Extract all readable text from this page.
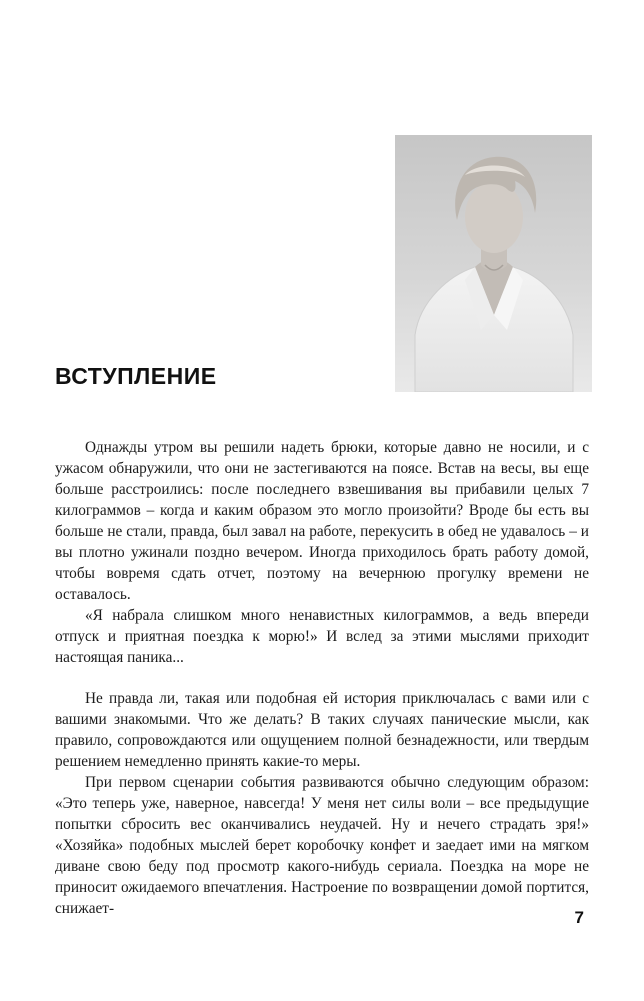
ВСТУПЛЕНИЕ

Однажды утром вы решили надеть брюки, которые давно не носили, и с ужасом обнаружили, что они не застегиваются на поясе. Встав на весы, вы еще больше расстроились: после последнего взвешивания вы прибавили целых 7 килограммов – когда и каким образом это могло произойти? Вроде бы есть вы больше не стали, правда, был завал на работе, перекусить в обед не удавалось – и вы плотно ужинали поздно вечером. Иногда приходилось брать работу домой, чтобы вовремя сдать отчет, поэтому на вечернюю прогулку времени не оставалось.

«Я набрала слишком много ненавистных килограммов, а ведь впереди отпуск и приятная поездка к морю!» И вслед за этими мыслями приходит настоящая паника...

Не правда ли, такая или подобная ей история приключалась с вами или с вашими знакомыми. Что же делать? В таких случаях панические мысли, как правило, сопровождаются или ощущением полной безнадежности, или твердым решением немедленно принять какие-то меры.

При первом сценарии события развиваются обычно следующим образом: «Это теперь уже, наверное, навсегда! У меня нет силы воли – все предыдущие попытки сбросить вес оканчивались неудачей. Ну и нечего страдать зря!» «Хозяйка» подобных мыслей берет коробочку конфет и заедает ими на мягком диване свою беду под просмотр какого-нибудь сериала. Поездка на море не приносит ожидаемого впечатления. Настроение по возвращении домой портится, снижает-	7
